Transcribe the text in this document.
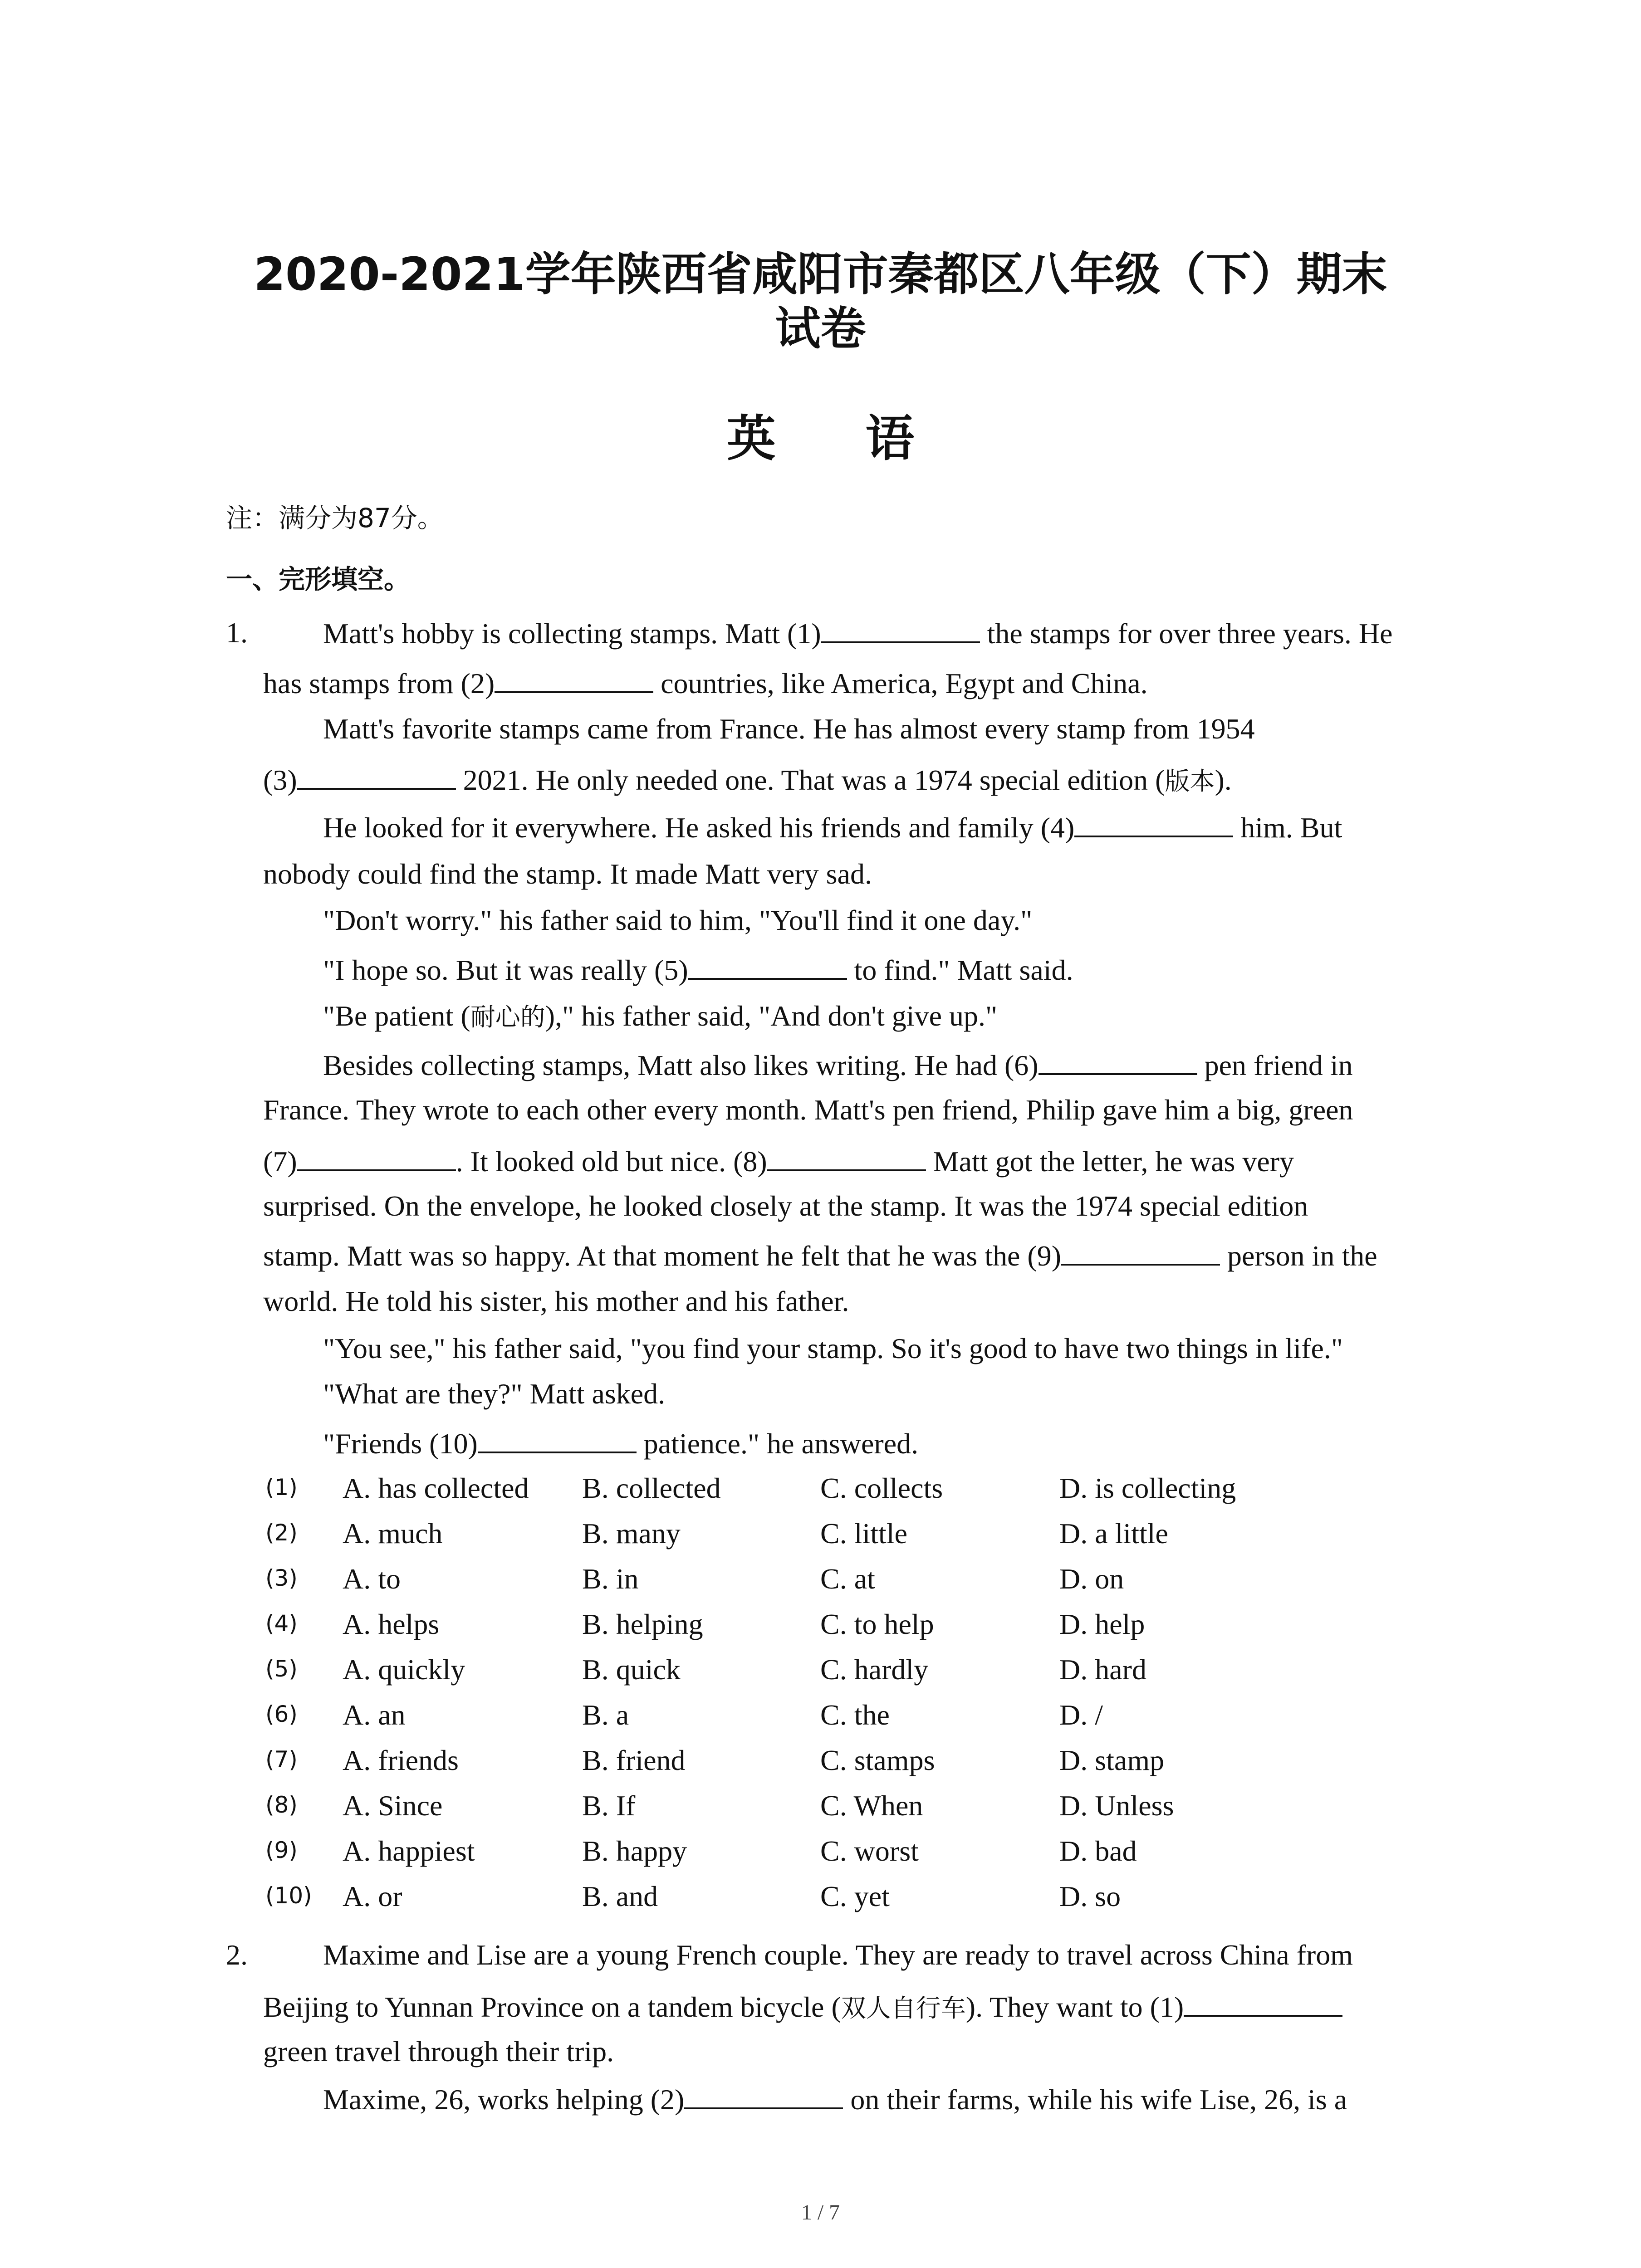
2020-2021学年陕西省咸阳市秦都区八年级（下）期末
试卷
英 语
注：满分为87分。
一、完形填空。
1.	Matt's hobby is collecting stamps. Matt (1)	the stamps for over three years. He
has stamps from (2)	countries, like America, Egypt and China.
Matt's favorite stamps came from France. He has almost every stamp from 1954
(3)	2021. He only needed one. That was a 1974 special edition (版本).
He looked for it everywhere. He asked his friends and family (4)	him. But
nobody could find the stamp. It made Matt very sad.
"Don't worry." his father said to him, "You'll find it one day."
"I hope so. But it was really (5)	to find." Matt said.
"Be patient (耐心的)," his father said, "And don't give up."
Besides collecting stamps, Matt also likes writing. He had (6)	pen friend in
France. They wrote to each other every month. Matt's pen friend, Philip gave him a big, green
(7)	. It looked old but nice. (8)	Matt got the letter, he was very
surprised. On the envelope, he looked closely at the stamp. It was the 1974 special edition
stamp. Matt was so happy. At that moment he felt that he was the (9)	person in the
world. He told his sister, his mother and his father.
"You see," his father said, "you find your stamp. So it's good to have two things in life."
"What are they?" Matt asked.
"Friends (10)	patience." he answered.
(1) A. has collected B. collected	C. collects	D. is collecting
(2) A. much	B. many	C. little	D. a little
(3) A. to	B. in	C. at	D. on
(4) A. helps	B. helping	C. to help	D. help
(5) A. quickly	B. quick	C. hardly	D. hard
(6) A. an	B. a	C. the	D. /
(7) A. friends	B. friend	C. stamps	D. stamp
(8) A. Since	B. If	C. When	D. Unless
(9) A. happiest	B. happy	C. worst	D. bad
(10) A. or	B. and	C. yet	D. so
2.	Maxime and Lise are a young French couple. They are ready to travel across China from
Beijing to Yunnan Province on a tandem bicycle (双人自行车). They want to (1)
green travel through their trip.
Maxime, 26, works helping (2)	on their farms, while his wife Lise, 26, is a
1 / 7
